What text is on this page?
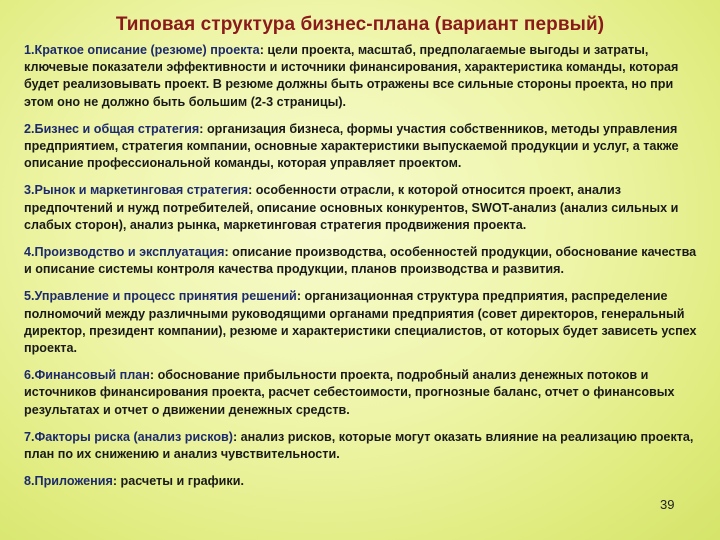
Типовая структура бизнес-плана (вариант первый)

1.Краткое описание (резюме) проекта: цели проекта, масштаб, предполагаемые выгоды и затраты, ключевые показатели эффективности и источники финансирования, характеристика команды, которая будет реализовывать проект. В резюме должны быть отражены все сильные стороны проекта, но при этом оно не должно быть большим (2-3 страницы).

2.Бизнес и общая стратегия: организация бизнеса, формы участия собственников, методы управления предприятием, стратегия компании, основные характеристики выпускаемой продукции и услуг, а также описание профессиональной команды, которая управляет проектом.

3.Рынок и маркетинговая стратегия: особенности отрасли, к которой относится проект, анализ предпочтений и нужд потребителей, описание основных конкурентов, SWOT-анализ (анализ сильных и слабых сторон), анализ рынка, маркетинговая стратегия продвижения проекта.

4.Производство и эксплуатация: описание производства, особенностей продукции, обоснование качества и описание системы контроля качества продукции, планов производства и развития.

5.Управление и процесс принятия решений: организационная структура предприятия, распределение полномочий между различными руководящими органами предприятия (совет директоров, генеральный директор, президент компании), резюме и характеристики специалистов, от которых будет зависеть успех проекта.

6.Финансовый план: обоснование прибыльности проекта, подробный анализ денежных потоков и источников финансирования проекта, расчет себестоимости, прогнозные баланс, отчет о финансовых результатах и отчет о движении денежных средств.

7.Факторы риска (анализ рисков): анализ рисков, которые могут оказать влияние на реализацию проекта, план по их снижению и анализ чувствительности.

8.Приложения: расчеты и графики.

39
